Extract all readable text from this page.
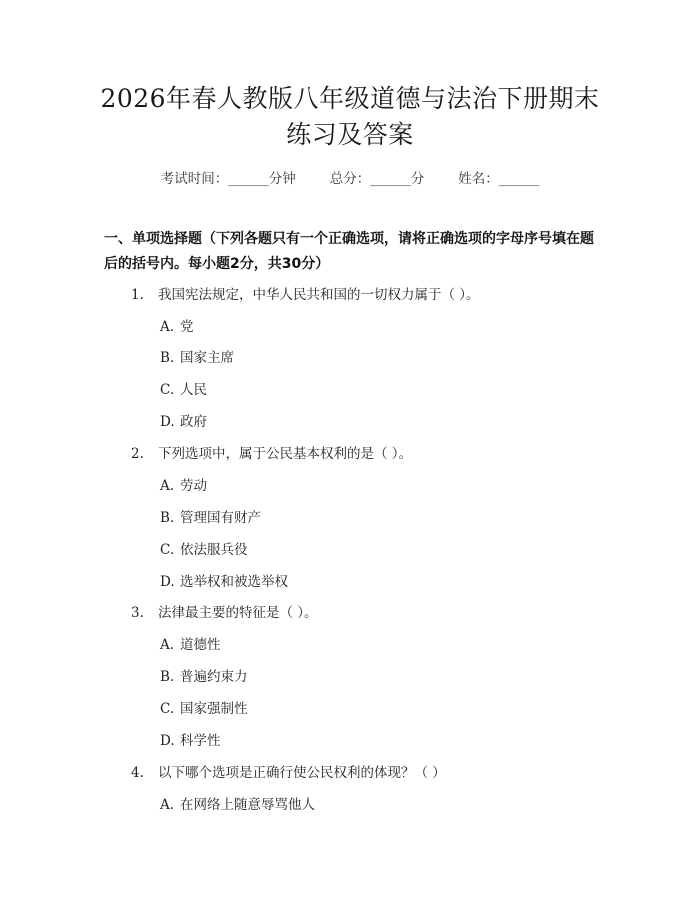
2026年春人教版八年级道德与法治下册期末
练习及答案
考试时间：______分钟	总分：______分	姓名：______
一、单项选择题（下列各题只有一个正确选项，请将正确选项的字母序号填在题后的括号内。每小题2分，共30分）
1. 我国宪法规定，中华人民共和国的一切权力属于（ ）。
A. 党
B. 国家主席
C. 人民
D. 政府
2. 下列选项中，属于公民基本权利的是（ ）。
A. 劳动
B. 管理国有财产
C. 依法服兵役
D. 选举权和被选举权
3. 法律最主要的特征是（ ）。
A. 道德性
B. 普遍约束力
C. 国家强制性
D. 科学性
4. 以下哪个选项是正确行使公民权利的体现？（ ）
A. 在网络上随意辱骂他人
